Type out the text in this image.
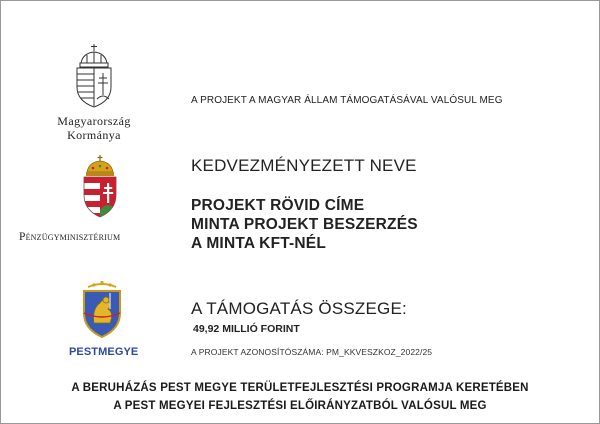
Magyarország
Kormánya
A PROJEKT A MAGYAR ÁLLAM TÁMOGATÁSÁVAL VALÓSUL MEG
Pénzügyminisztérium
KEDVEZMÉNYEZETT NEVE
PROJEKT RÖVID CÍME
MINTA PROJEKT BESZERZÉS
A MINTA KFT-NÉL
PESTMEGYE
A TÁMOGATÁS ÖSSZEGE:
49,92 MILLIÓ FORINT
A PROJEKT AZONOSÍTÓSZÁMA: PM_KKVESZKOZ_2022/25
A BERUHÁZÁS PEST MEGYE TERÜLETFEJLESZTÉSI PROGRAMJA KERETÉBEN
A PEST MEGYEI FEJLESZTÉSI ELŐIRÁNYZATBÓL VALÓSUL MEG
